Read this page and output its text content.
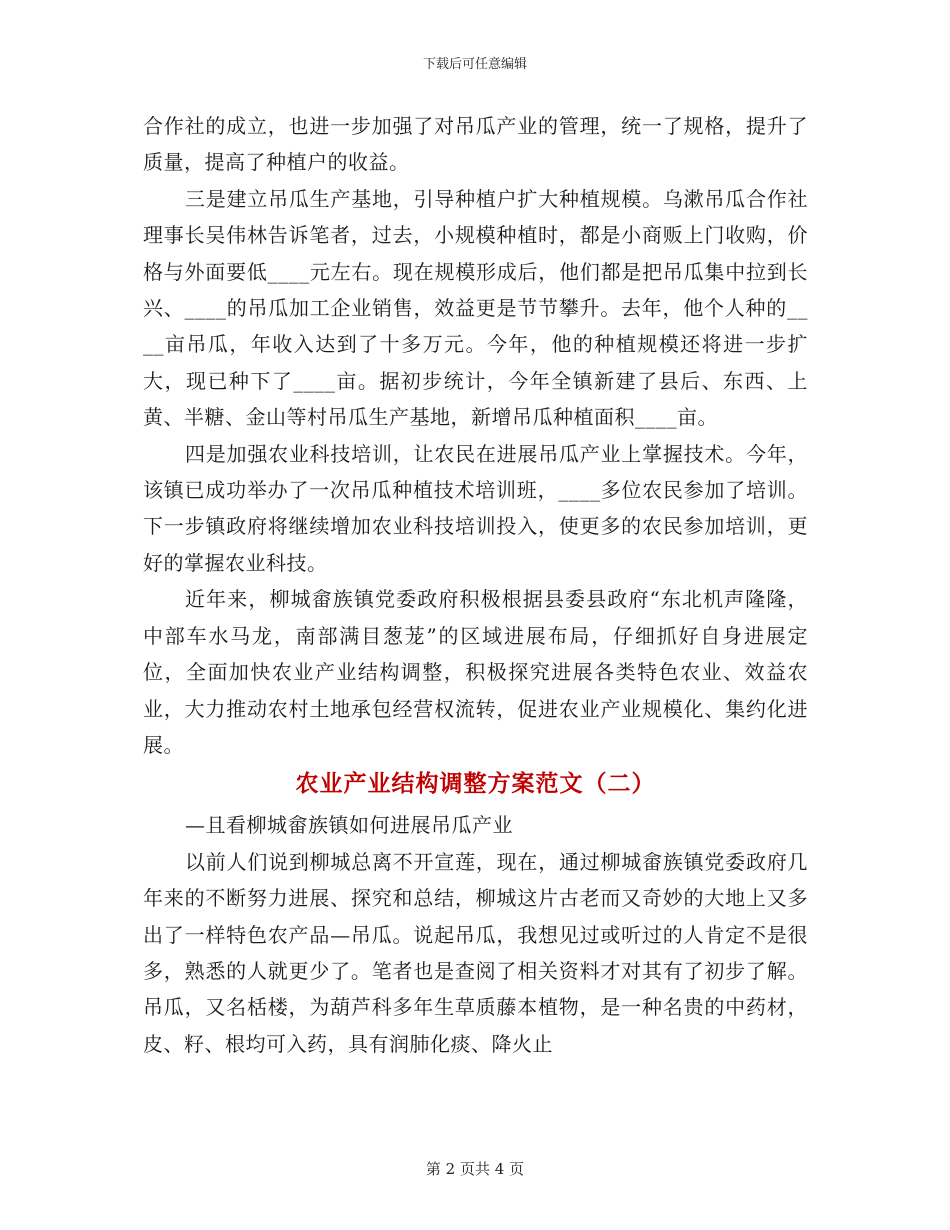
下载后可任意编辑

合作社的成立，也进一步加强了对吊瓜产业的管理，统一了规格，提升了质量，提高了种植户的收益。

三是建立吊瓜生产基地，引导种植户扩大种植规模。乌漱吊瓜合作社理事长吴伟林告诉笔者，过去，小规模种植时，都是小商贩上门收购，价格与外面要低____元左右。现在规模形成后，他们都是把吊瓜集中拉到长兴、____的吊瓜加工企业销售，效益更是节节攀升。去年，他个人种的____亩吊瓜，年收入达到了十多万元。今年，他的种植规模还将进一步扩大，现已种下了____亩。据初步统计，今年全镇新建了县后、东西、上黄、半糖、金山等村吊瓜生产基地，新增吊瓜种植面积____亩。

四是加强农业科技培训，让农民在进展吊瓜产业上掌握技术。今年，该镇已成功举办了一次吊瓜种植技术培训班，____多位农民参加了培训。下一步镇政府将继续增加农业科技培训投入，使更多的农民参加培训，更好的掌握农业科技。

近年来，柳城畲族镇党委政府积极根据县委县政府“东北机声隆隆，中部车水马龙，南部满目葱茏”的区域进展布局，仔细抓好自身进展定位，全面加快农业产业结构调整，积极探究进展各类特色农业、效益农业，大力推动农村土地承包经营权流转，促进农业产业规模化、集约化进展。

农业产业结构调整方案范文（二）

—且看柳城畲族镇如何进展吊瓜产业

以前人们说到柳城总离不开宣莲，现在，通过柳城畲族镇党委政府几年来的不断努力进展、探究和总结，柳城这片古老而又奇妙的大地上又多出了一样特色农产品—吊瓜。说起吊瓜，我想见过或听过的人肯定不是很多，熟悉的人就更少了。笔者也是查阅了相关资料才对其有了初步了解。吊瓜，又名栝楼，为葫芦科多年生草质藤本植物，是一种名贵的中药材，皮、籽、根均可入药，具有润肺化痰、降火止

第 2 页共 4 页
